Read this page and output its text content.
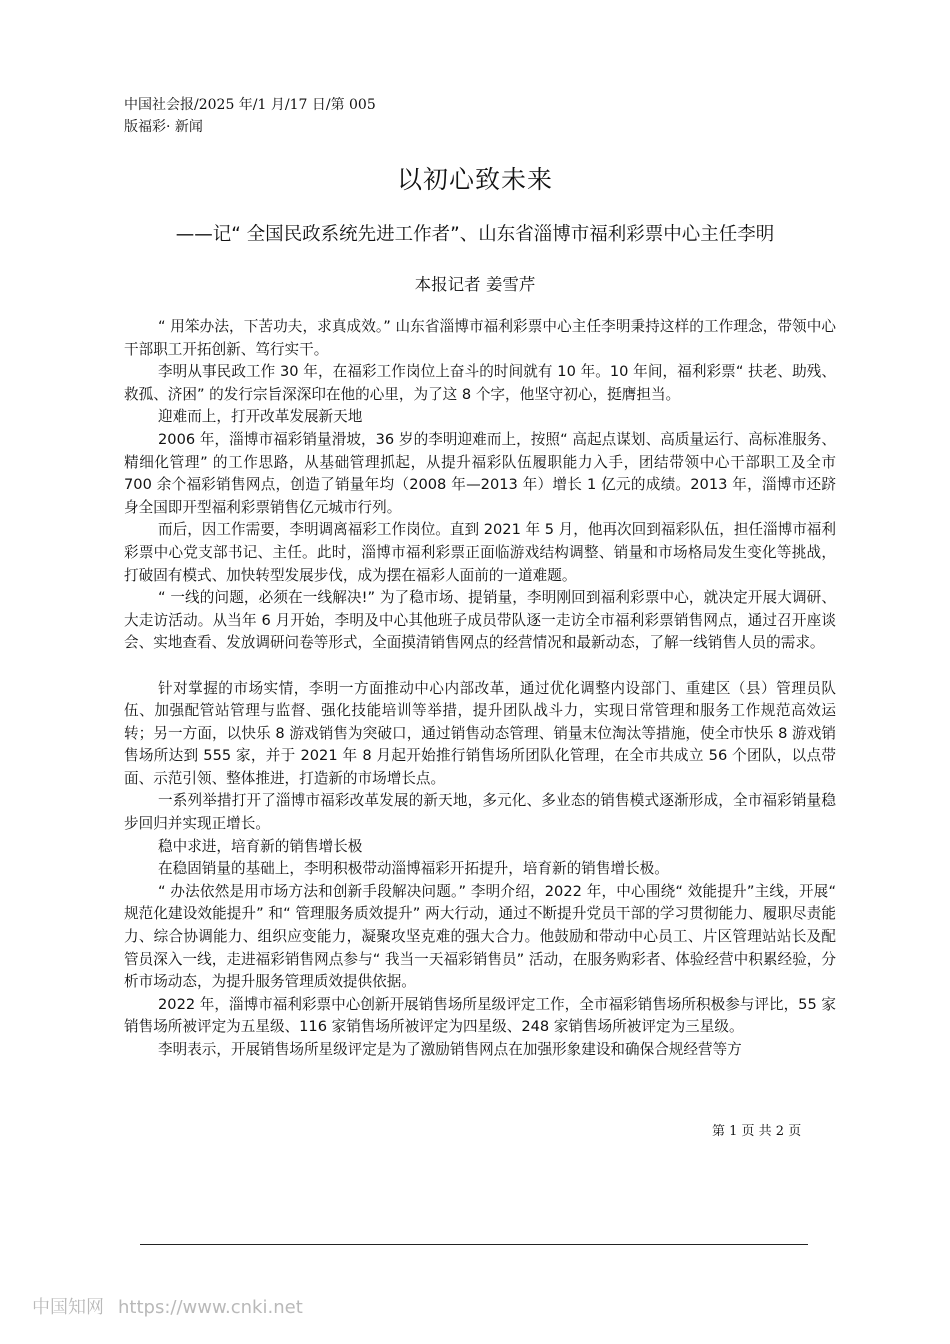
中国社会报/2025 年/1 月/17 日/第 005
版福彩· 新闻
以初心致未来
——记“ 全国民政系统先进工作者”、山东省淄博市福利彩票中心主任李明
本报记者 姜雪芹

“ 用笨办法，下苦功夫，求真成效。” 山东省淄博市福利彩票中心主任李明秉持这样的工作理念，带领中心干部职工开拓创新、笃行实干。

李明从事民政工作 30 年，在福彩工作岗位上奋斗的时间就有 10 年。10 年间，福利彩票“ 扶老、助残、救孤、济困” 的发行宗旨深深印在他的心里，为了这 8 个字，他坚守初心，挺膺担当。

迎难而上，打开改革发展新天地

2006 年，淄博市福彩销量滑坡，36 岁的李明迎难而上，按照“ 高起点谋划、高质量运行、高标准服务、精细化管理” 的工作思路，从基础管理抓起，从提升福彩队伍履职能力入手，团结带领中心干部职工及全市 700 余个福彩销售网点，创造了销量年均（2008 年—2013 年）增长 1 亿元的成绩。2013 年，淄博市还跻身全国即开型福利彩票销售亿元城市行列。

而后，因工作需要，李明调离福彩工作岗位。直到 2021 年 5 月，他再次回到福彩队伍，担任淄博市福利彩票中心党支部书记、主任。此时，淄博市福利彩票正面临游戏结构调整、销量和市场格局发生变化等挑战，打破固有模式、加快转型发展步伐，成为摆在福彩人面前的一道难题。

“ 一线的问题，必须在一线解决!” 为了稳市场、提销量，李明刚回到福利彩票中心，就决定开展大调研、大走访活动。从当年 6 月开始，李明及中心其他班子成员带队逐一走访全市福利彩票销售网点，通过召开座谈会、实地查看、发放调研问卷等形式，全面摸清销售网点的经营情况和最新动态，了解一线销售人员的需求。

针对掌握的市场实情，李明一方面推动中心内部改革，通过优化调整内设部门、重建区（县）管理员队伍、加强配管站管理与监督、强化技能培训等举措，提升团队战斗力，实现日常管理和服务工作规范高效运转；另一方面，以快乐 8 游戏销售为突破口，通过销售动态管理、销量末位淘汰等措施，使全市快乐 8 游戏销售场所达到 555 家，并于 2021 年 8 月起开始推行销售场所团队化管理，在全市共成立 56 个团队，以点带面、示范引领、整体推进，打造新的市场增长点。

一系列举措打开了淄博市福彩改革发展的新天地，多元化、多业态的销售模式逐渐形成，全市福彩销量稳步回归并实现正增长。

稳中求进，培育新的销售增长极

在稳固销量的基础上，李明积极带动淄博福彩开拓提升，培育新的销售增长极。

“ 办法依然是用市场方法和创新手段解决问题。” 李明介绍，2022 年，中心围绕“ 效能提升”主线，开展“ 规范化建设效能提升” 和“ 管理服务质效提升” 两大行动，通过不断提升党员干部的学习贯彻能力、履职尽责能力、综合协调能力、组织应变能力，凝聚攻坚克难的强大合力。他鼓励和带动中心员工、片区管理站站长及配管员深入一线，走进福彩销售网点参与“ 我当一天福彩销售员” 活动，在服务购彩者、体验经营中积累经验，分析市场动态，为提升服务管理质效提供依据。

2022 年，淄博市福利彩票中心创新开展销售场所星级评定工作，全市福彩销售场所积极参与评比，55 家销售场所被评定为五星级、116 家销售场所被评定为四星级、248 家销售场所被评定为三星级。

李明表示，开展销售场所星级评定是为了激励销售网点在加强形象建设和确保合规经营等方

第 1 页 共 2 页
中国知网 https://www.cnki.net
